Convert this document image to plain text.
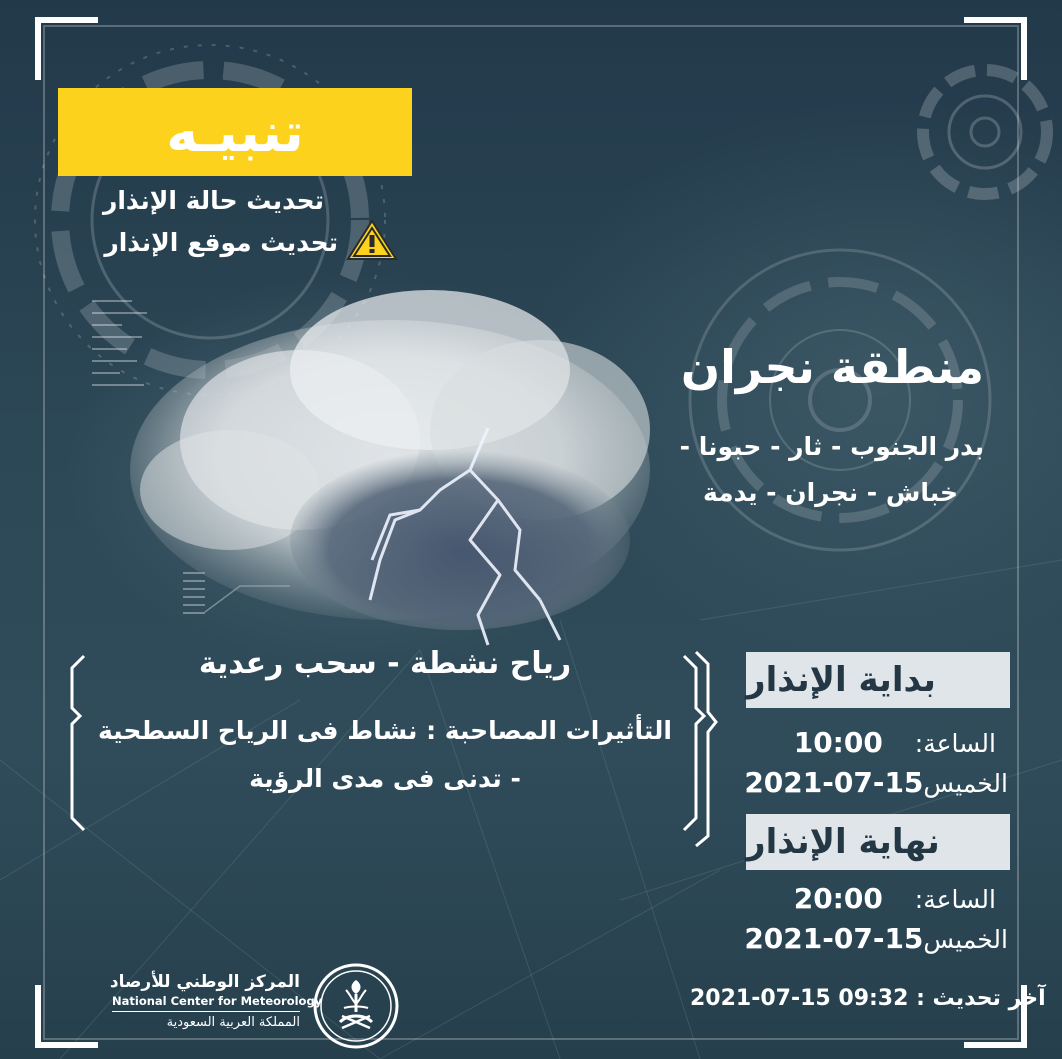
تنبيـه
تحديث حالة الإنذار
تحديث موقع الإنذار
منطقة نجران
بدر الجنوب - ثار - حبونا -
خباش - نجران - يدمة
رياح نشطة - سحب رعدية
التأثيرات المصاحبة : نشاط فى الرياح السطحية
- تدنى فى مدى الرؤية
بداية الإنذار
10:00 الساعة:
2021-07-15الخميس
نهاية الإنذار
20:00 الساعة:
2021-07-15الخميس
2021-07-15 09:32 آخر تحديث :
المركز الوطني للأرصاد
National Center for Meteorology
المملكة العربية السعودية
